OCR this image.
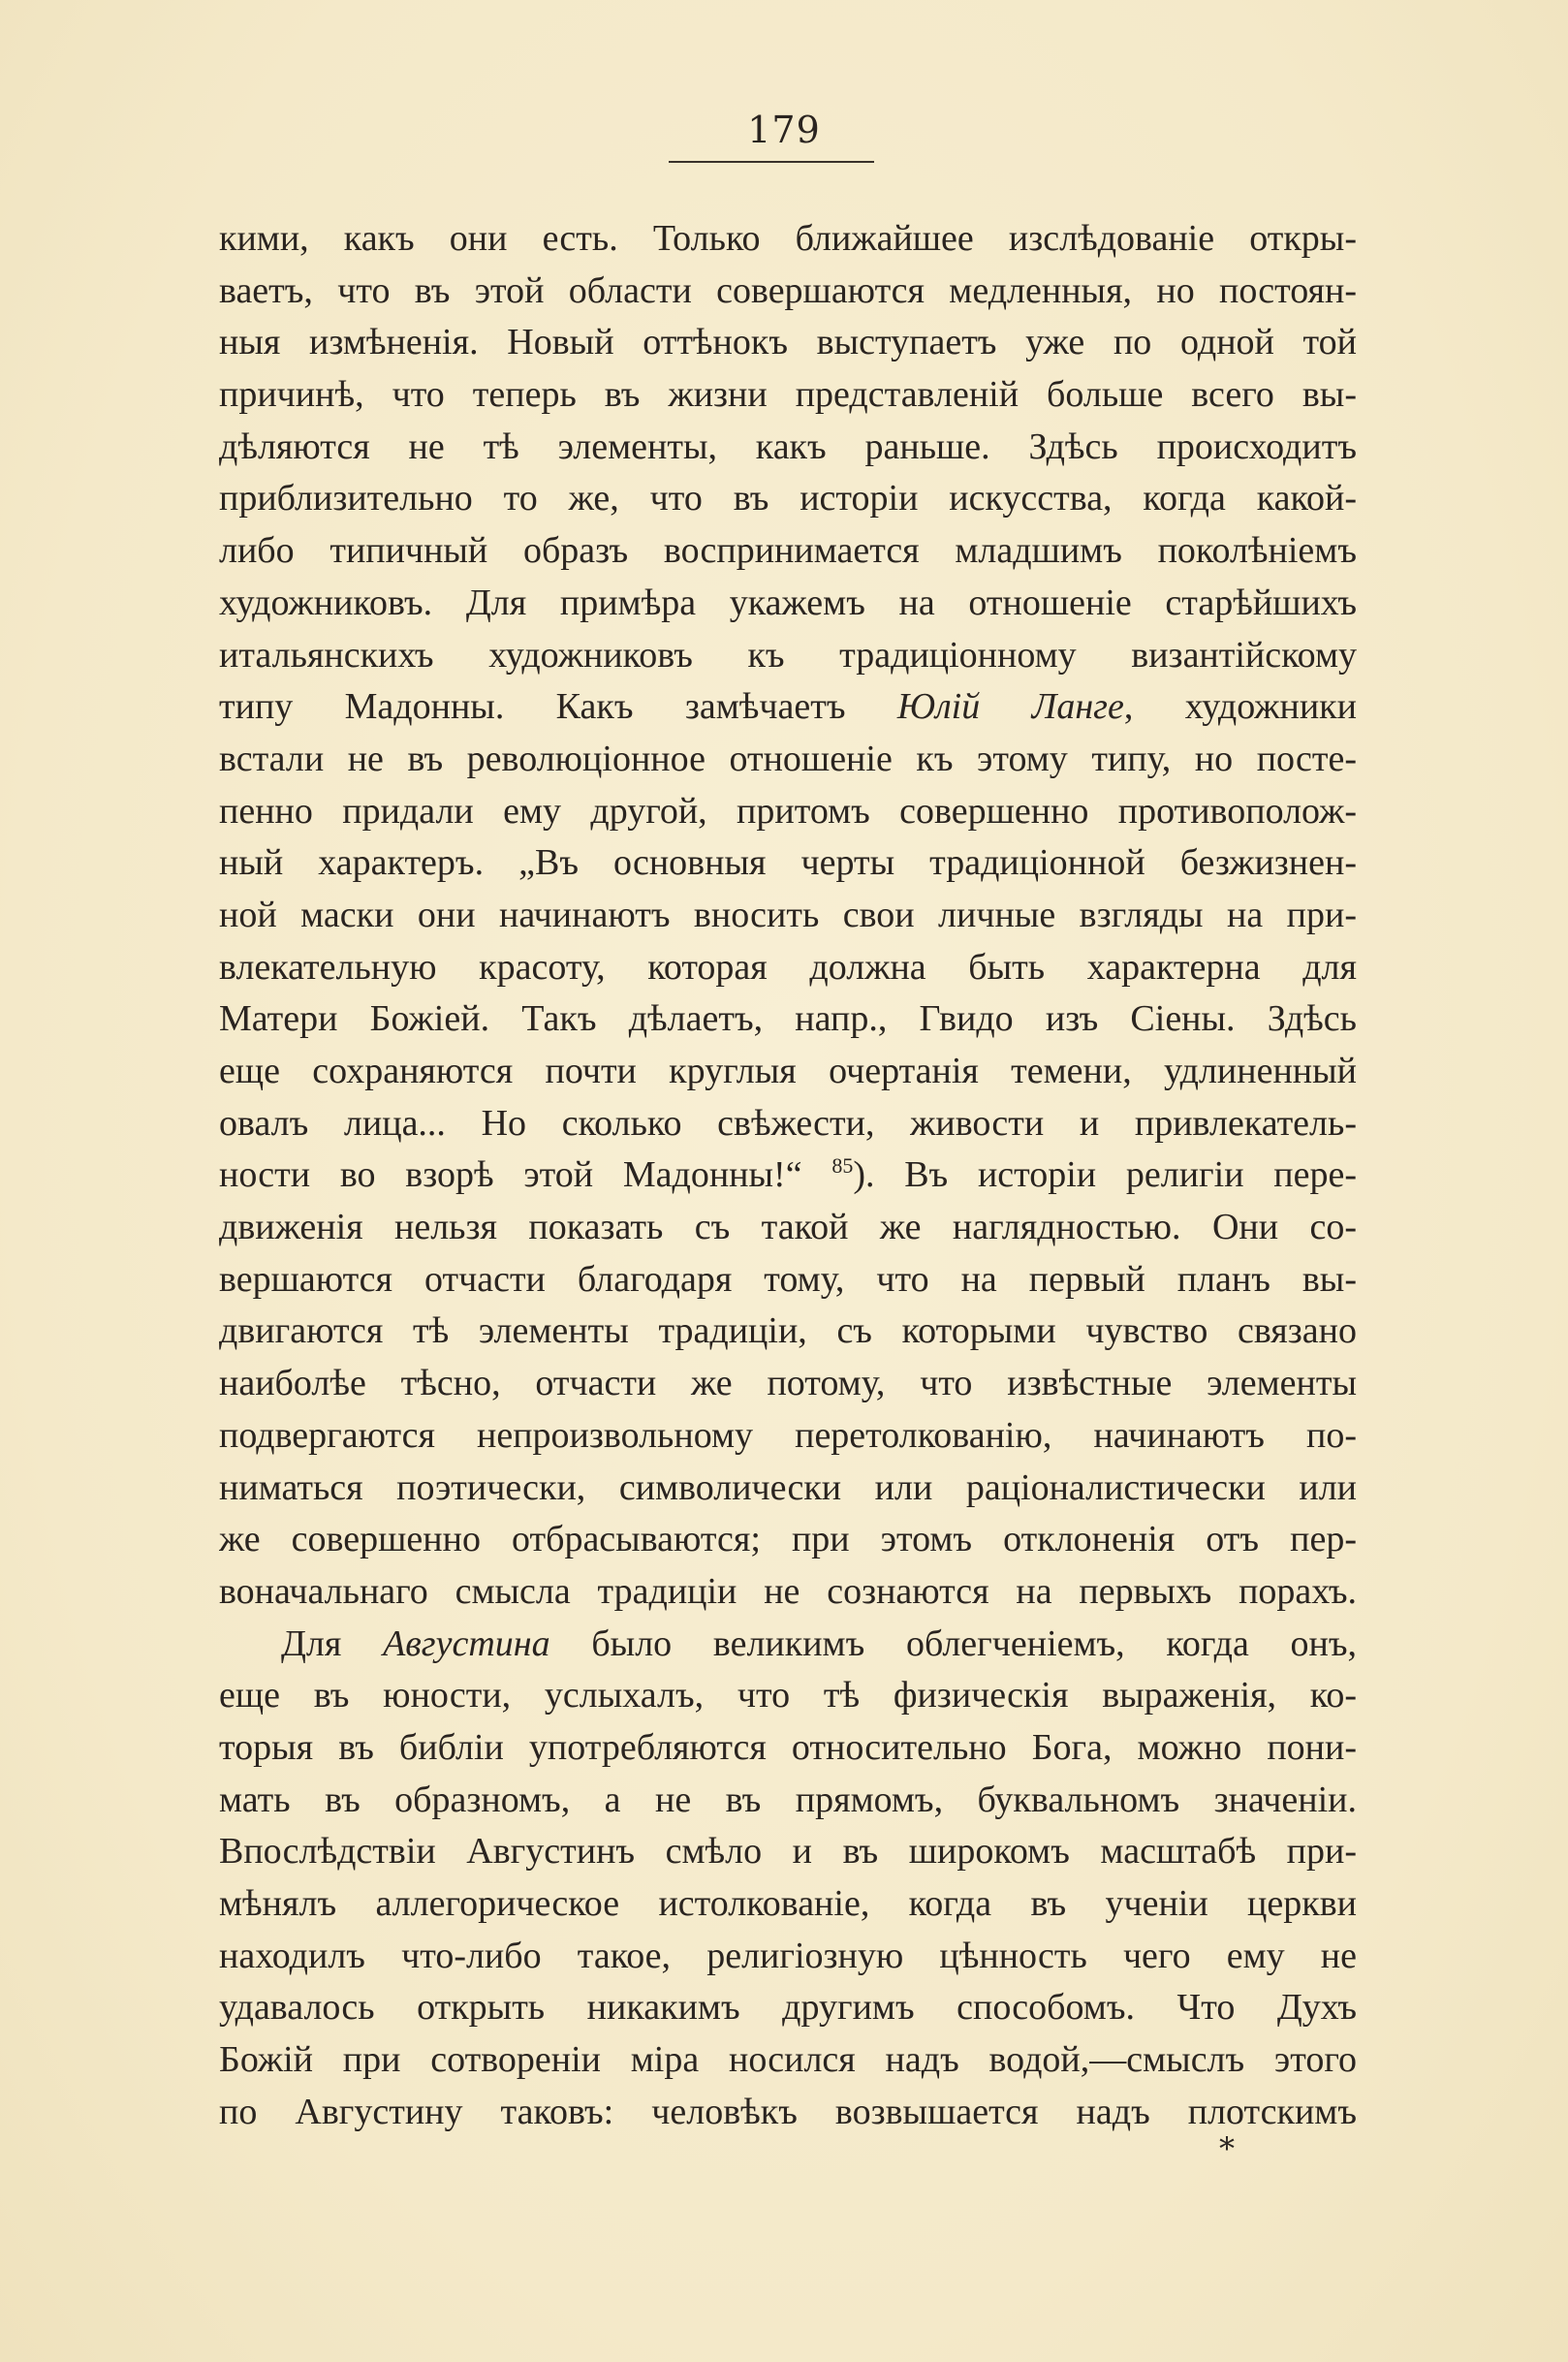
179
кими, какъ они есть. Только ближайшее изслѣдованіе откры-
ваетъ, что въ этой области совершаются медленныя, но постоян-
ныя измѣненія. Новый оттѣнокъ выступаетъ уже по одной той
причинѣ, что теперь въ жизни представленій больше всего вы-
дѣляются не тѣ элементы, какъ раньше. Здѣсь происходитъ
приблизительно то же, что въ исторіи искусства, когда какой-
либо типичный образъ воспринимается младшимъ поколѣніемъ
художниковъ. Для примѣра укажемъ на отношеніе старѣйшихъ
итальянскихъ художниковъ къ традиціонному византійскому
типу Мадонны. Какъ замѣчаетъ Юлій Ланге, художники
встали не въ революціонное отношеніе къ этому типу, но посте-
пенно придали ему другой, притомъ совершенно противополож-
ный характеръ. „Въ основныя черты традиціонной безжизнен-
ной маски они начинаютъ вносить свои личные взгляды на при-
влекательную красоту, которая должна быть характерна для
Матери Божіей. Такъ дѣлаетъ, напр., Гвидо изъ Сіены. Здѣсь
еще сохраняются почти круглыя очертанія темени, удлиненный
овалъ лица... Но сколько свѣжести, живости и привлекатель-
ности во взорѣ этой Мадонны!“ $^{85}$). Въ исторіи религіи пере-
движенія нельзя показать съ такой же наглядностью. Они со-
вершаются отчасти благодаря тому, что на первый планъ вы-
двигаются тѣ элементы традиціи, съ которыми чувство связано
наиболѣе тѣсно, отчасти же потому, что извѣстные элементы
подвергаются непроизвольному перетолкованію, начинаютъ по-
ниматься поэтически, символически или раціоналистически или
же совершенно отбрасываются; при этомъ отклоненія отъ пер-
воначальнаго смысла традиціи не сознаются на первыхъ порахъ.
Для Августина было великимъ облегченіемъ, когда онъ,
еще въ юности, услыхалъ, что тѣ физическія выраженія, ко-
торыя въ библіи употребляются относительно Бога, можно пони-
мать въ образномъ, а не въ прямомъ, буквальномъ значеніи.
Впослѣдствіи Августинъ смѣло и въ широкомъ масштабѣ при-
мѣнялъ аллегорическое истолкованіе, когда въ ученіи церкви
находилъ что-либо такое, религіозную цѣнность чего ему не
удавалось открыть никакимъ другимъ способомъ. Что Духъ
Божій при сотвореніи міра носился надъ водой,—смыслъ этого
по Августину таковъ: человѣкъ возвышается надъ плотскимъ
*
